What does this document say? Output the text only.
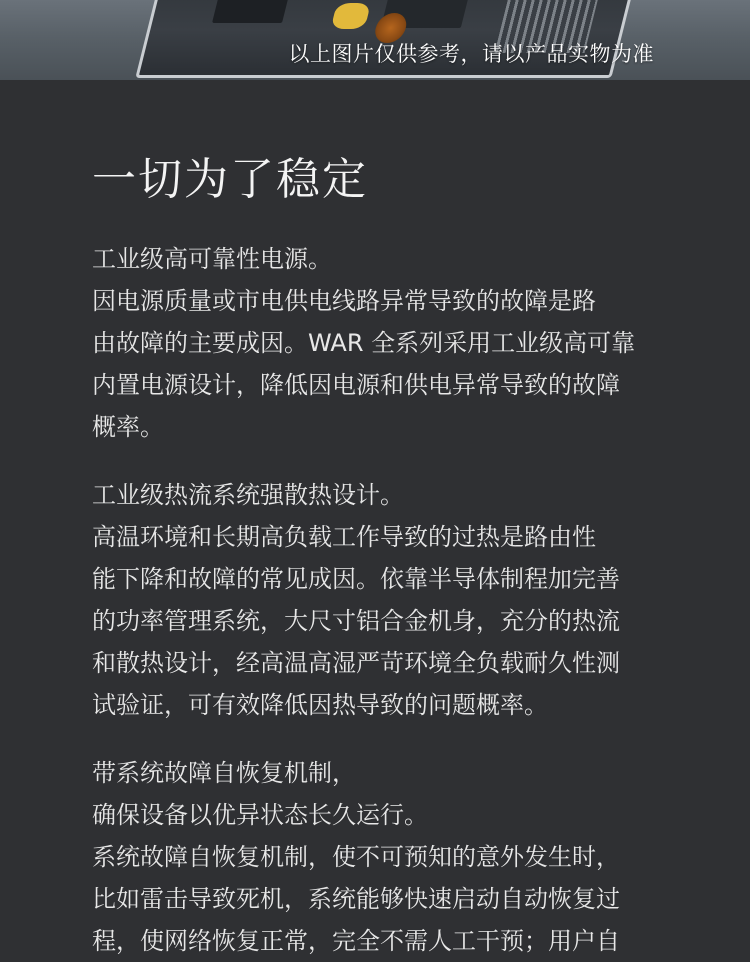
以上图片仅供参考，请以产品实物为准
一切为了稳定

工业级高可靠性电源。

因电源质量或市电供电线路异常导致的故障是路

由故障的主要成因。WAR 全系列采用工业级高可靠

内置电源设计，降低因电源和供电异常导致的故障

概率。

工业级热流系统强散热设计。

高温环境和长期高负载工作导致的过热是路由性

能下降和故障的常见成因。依靠半导体制程加完善

的功率管理系统，大尺寸铝合金机身，充分的热流

和散热设计，经高温高湿严苛环境全负载耐久性测

试验证，可有效降低因热导致的问题概率。

带系统故障自恢复机制，

确保设备以优异状态长久运行。

系统故障自恢复机制，使不可预知的意外发生时，

比如雷击导致死机，系统能够快速启动自动恢复过

程，使网络恢复正常，完全不需人工干预；用户自
